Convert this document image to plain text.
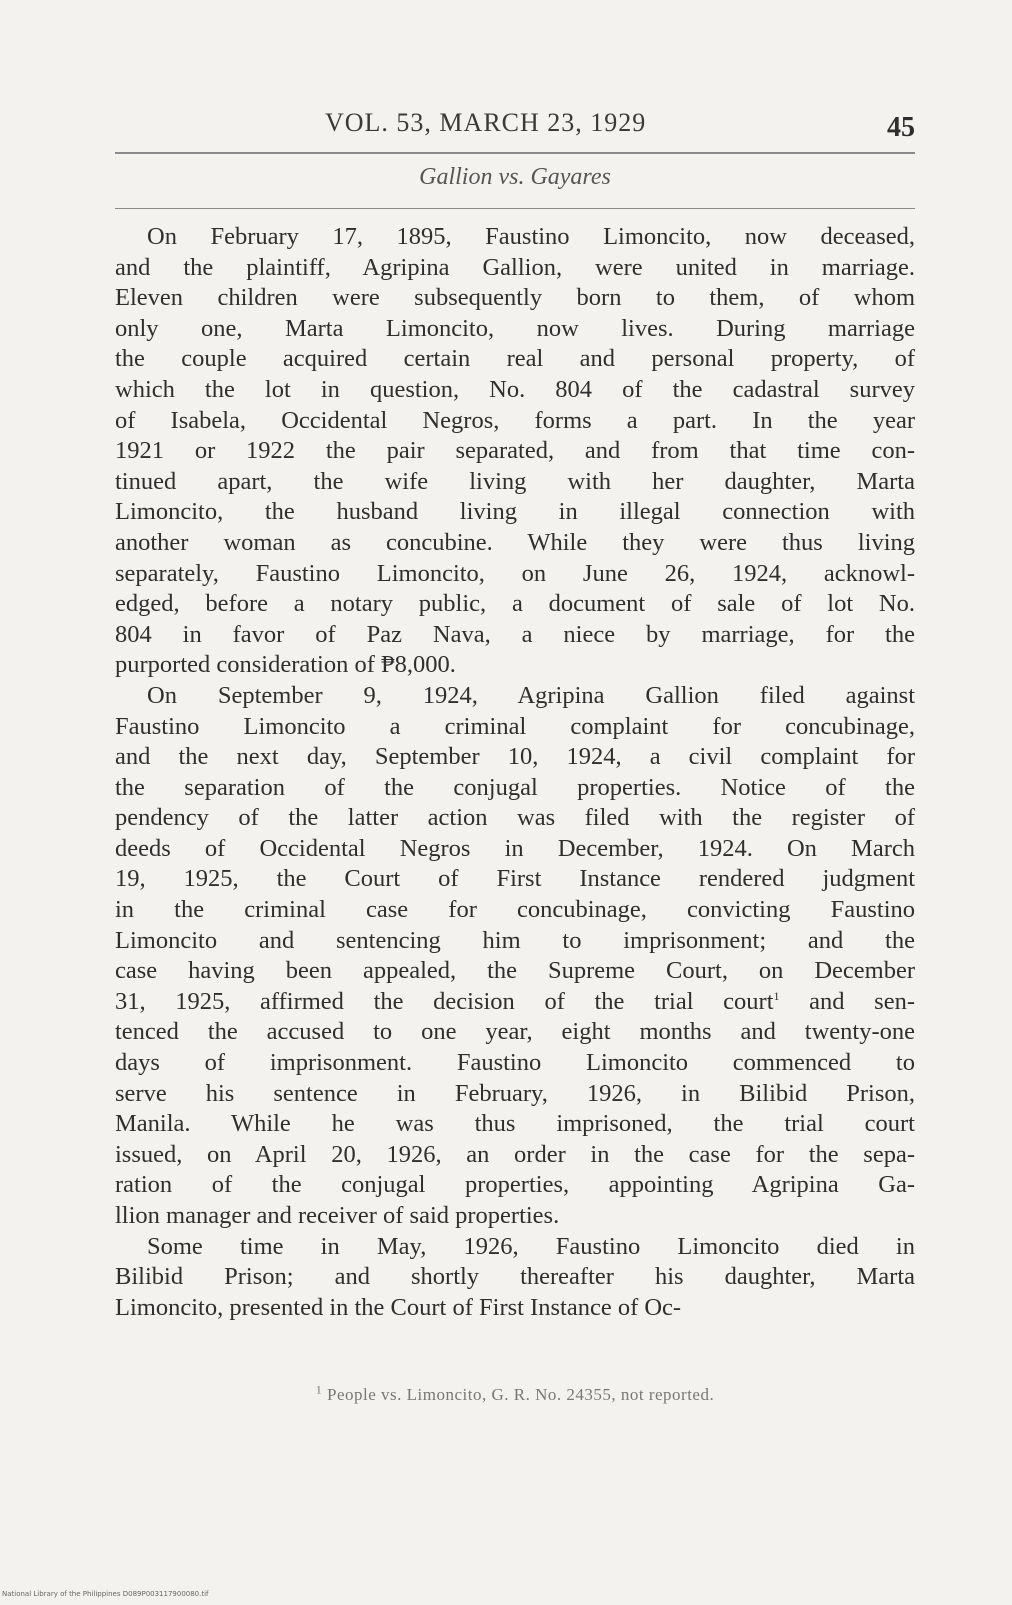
VOL. 53, MARCH 23, 1929	45
Gallion vs. Gayares
On February 17, 1895, Faustino Limoncito, now deceased,
and the plaintiff, Agripina Gallion, were united in marriage.
Eleven children were subsequently born to them, of whom
only one, Marta Limoncito, now lives. During marriage
the couple acquired certain real and personal property, of
which the lot in question, No. 804 of the cadastral survey
of Isabela, Occidental Negros, forms a part. In the year
1921 or 1922 the pair separated, and from that time con-
tinued apart, the wife living with her daughter, Marta
Limoncito, the husband living in illegal connection with
another woman as concubine. While they were thus living
separately, Faustino Limoncito, on June 26, 1924, acknowl-
edged, before a notary public, a document of sale of lot No.
804 in favor of Paz Nava, a niece by marriage, for the
purported consideration of ₱8,000.
On September 9, 1924, Agripina Gallion filed against
Faustino Limoncito a criminal complaint for concubinage,
and the next day, September 10, 1924, a civil complaint for
the separation of the conjugal properties. Notice of the
pendency of the latter action was filed with the register of
deeds of Occidental Negros in December, 1924. On March
19, 1925, the Court of First Instance rendered judgment
in the criminal case for concubinage, convicting Faustino
Limoncito and sentencing him to imprisonment; and the
case having been appealed, the Supreme Court, on December
31, 1925, affirmed the decision of the trial court$^1$ and sen-
tenced the accused to one year, eight months and twenty-one
days of imprisonment. Faustino Limoncito commenced to
serve his sentence in February, 1926, in Bilibid Prison,
Manila. While he was thus imprisoned, the trial court
issued, on April 20, 1926, an order in the case for the sepa-
ration of the conjugal properties, appointing Agripina Ga-
llion manager and receiver of said properties.
Some time in May, 1926, Faustino Limoncito died in
Bilibid Prison; and shortly thereafter his daughter, Marta
Limoncito, presented in the Court of First Instance of Oc-
$^1$ People vs. Limoncito, G. R. No. 24355, not reported.
National Library of the Philippines D089P003117900080.tif
